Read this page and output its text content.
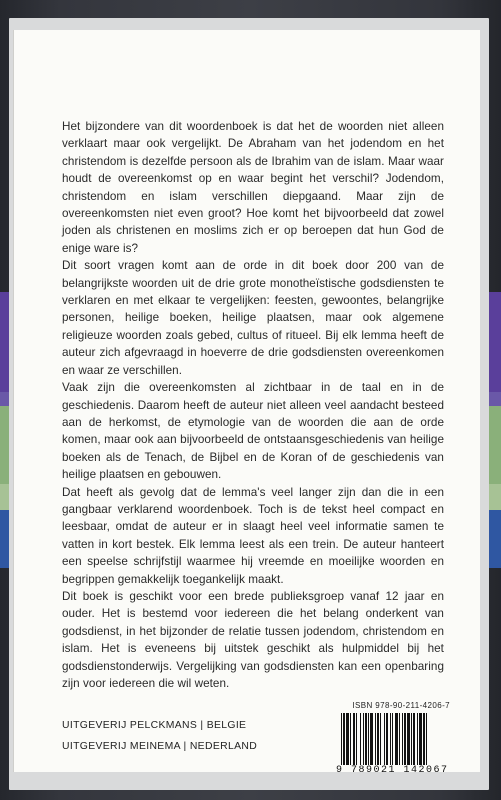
Het bijzondere van dit woordenboek is dat het de woorden niet alleen verklaart maar ook vergelijkt. De Abraham van het jodendom en het christendom is dezelfde persoon als de Ibrahim van de islam. Maar waar houdt de overeenkomst op en waar begint het verschil? Jodendom, christendom en islam verschillen diepgaand. Maar zijn de overeenkomsten niet even groot? Hoe komt het bijvoorbeeld dat zowel joden als christenen en moslims zich er op beroepen dat hun God de enige ware is?

Dit soort vragen komt aan de orde in dit boek door 200 van de belangrijkste woorden uit de drie grote monotheïstische godsdiensten te verklaren en met elkaar te vergelijken: feesten, gewoontes, belangrijke personen, heilige boeken, heilige plaatsen, maar ook algemene religieuze woorden zoals gebed, cultus of ritueel. Bij elk lemma heeft de auteur zich afgevraagd in hoeverre de drie godsdiensten overeenkomen en waar ze verschillen.

Vaak zijn die overeenkomsten al zichtbaar in de taal en in de geschiedenis. Daarom heeft de auteur niet alleen veel aandacht besteed aan de herkomst, de etymologie van de woorden die aan de orde komen, maar ook aan bijvoorbeeld de ontstaansgeschiedenis van heilige boeken als de Tenach, de Bijbel en de Koran of de geschiedenis van heilige plaatsen en gebouwen.

Dat heeft als gevolg dat de lemma's veel langer zijn dan die in een gangbaar verklarend woordenboek. Toch is de tekst heel compact en leesbaar, omdat de auteur er in slaagt heel veel informatie samen te vatten in kort bestek. Elk lemma leest als een trein. De auteur hanteert een speelse schrijfstijl waarmee hij vreemde en moeilijke woorden en begrippen gemakkelijk toegankelijk maakt.

Dit boek is geschikt voor een brede publieksgroep vanaf 12 jaar en ouder. Het is bestemd voor iedereen die het belang onderkent van godsdienst, in het bijzonder de relatie tussen jodendom, christendom en islam. Het is eveneens bij uitstek geschikt als hulpmiddel bij het godsdienstonderwijs. Vergelijking van godsdiensten kan een openbaring zijn voor iedereen die wil weten.

ISBN 978-90-211-4206-7
9 789021 142067
UITGEVERIJ PELCKMANS | BELGIE
UITGEVERIJ MEINEMA | NEDERLAND
